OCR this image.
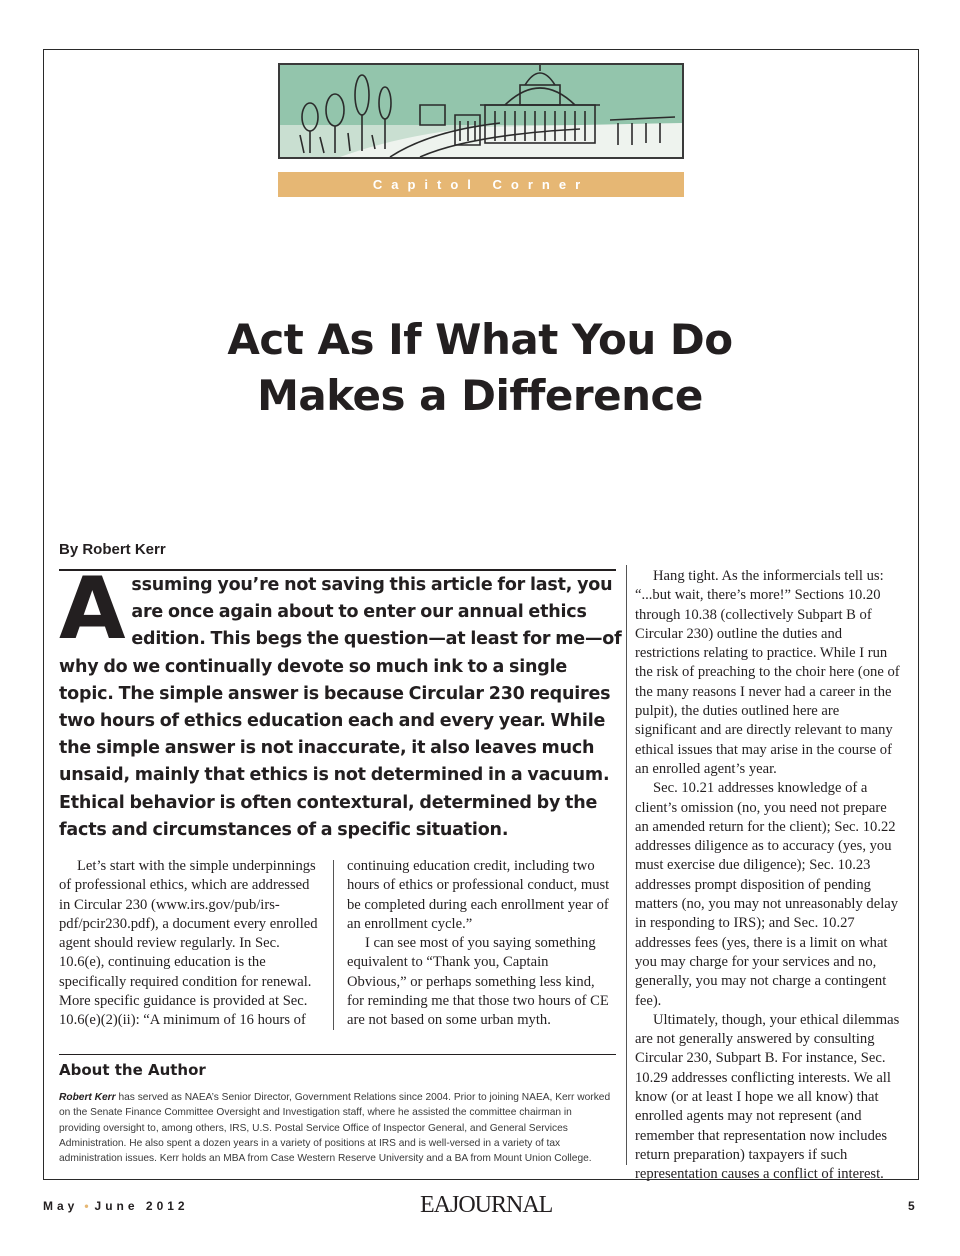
Capitol Corner
Act As If What You Do
Makes a Difference
By Robert Kerr

Assuming you’re not saving this article for last, you are once again about to enter our annual ethics edition. This begs the question—at least for me—of why do we continually devote so much ink to a single topic. The simple answer is because Circular 230 requires two hours of ethics education each and every year. While the simple answer is not inaccurate, it also leaves much unsaid, mainly that ethics is not determined in a vacuum. Ethical behavior is often contextural, determined by the facts and circumstances of a specific situation.

Let’s start with the simple underpinnings of professional ethics, which are addressed in Circular 230 (www.irs.gov/pub/irs-pdf/pcir230.pdf), a document every enrolled agent should review regularly. In Sec. 10.6(e), continuing education is the specifically required condition for renewal. More specific guidance is provided at Sec. 10.6(e)(2)(ii): “A minimum of 16 hours of

continuing education credit, including two hours of ethics or professional conduct, must be completed during each enrollment year of an enrollment cycle.”

I can see most of you saying something equivalent to “Thank you, Captain Obvious,” or perhaps something less kind, for reminding me that those two hours of CE are not based on some urban myth.

Hang tight. As the informercials tell us: “...but wait, there’s more!” Sections 10.20 through 10.38 (collectively Subpart B of Circular 230) outline the duties and restrictions relating to practice. While I run the risk of preaching to the choir here (one of the many reasons I never had a career in the pulpit), the duties outlined here are significant and are directly relevant to many ethical issues that may arise in the course of an enrolled agent’s year.

Sec. 10.21 addresses knowledge of a client’s omission (no, you need not prepare an amended return for the client); Sec. 10.22 addresses diligence as to accuracy (yes, you must exercise due diligence); Sec. 10.23 addresses prompt disposition of pending matters (no, you may not unreasonably delay in responding to IRS); and Sec. 10.27 addresses fees (yes, there is a limit on what you may charge for your services and no, generally, you may not charge a contingent fee).

Ultimately, though, your ethical dilemmas are not generally answered by consulting Circular 230, Subpart B. For instance, Sec. 10.29 addresses conflicting interests. We all know (or at least I hope we all know) that enrolled agents may not represent (and remember that representation now includes return preparation) taxpayers if such representation causes a conflict of interest.

About the Author

Robert Kerr has served as NAEA’s Senior Director, Government Relations since 2004. Prior to joining NAEA, Kerr worked on the Senate Finance Committee Oversight and Investigation staff, where he assisted the committee chairman in providing oversight to, among others, IRS, U.S. Postal Service Office of Inspector General, and General Services Administration. He also spent a dozen years in a variety of positions at IRS and is well-versed in a variety of tax administration issues. Kerr holds an MBA from Case Western Reserve University and a BA from Mount Union College.

May • June 2012	EAJOURNAL	5
